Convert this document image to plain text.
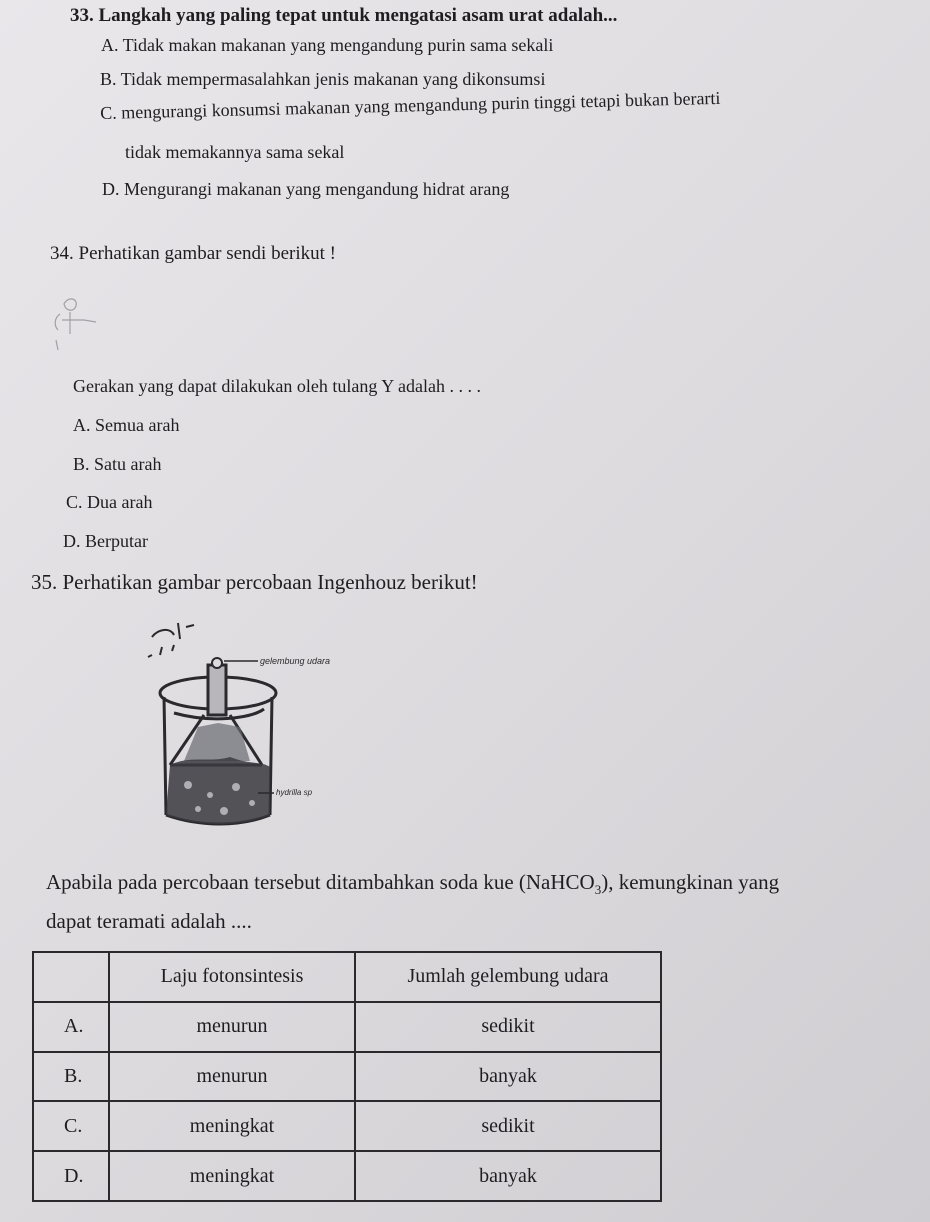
33. Langkah yang paling tepat untuk mengatasi asam urat adalah...
A. Tidak makan makanan yang mengandung purin sama sekali
B. Tidak mempermasalahkan jenis makanan yang dikonsumsi
C. mengurangi konsumsi makanan yang mengandung purin tinggi tetapi bukan berarti
tidak memakannya sama sekal
D. Mengurangi makanan yang mengandung hidrat arang
34. Perhatikan gambar sendi berikut !
Gerakan yang dapat dilakukan oleh tulang Y adalah . . . .
A. Semua arah
B. Satu arah
C. Dua arah
D. Berputar
35. Perhatikan gambar percobaan Ingenhouz berikut!
gelembung udara
hydrilla sp
Apabila pada percobaan tersebut ditambahkan soda kue (NaHCO$_3$), kemungkinan yang
dapat teramati adalah ....
	Laju fotonsintesis	Jumlah gelembung udara
A.	menurun	sedikit
B.	menurun	banyak
C.	meningkat	sedikit
D.	meningkat	banyak
